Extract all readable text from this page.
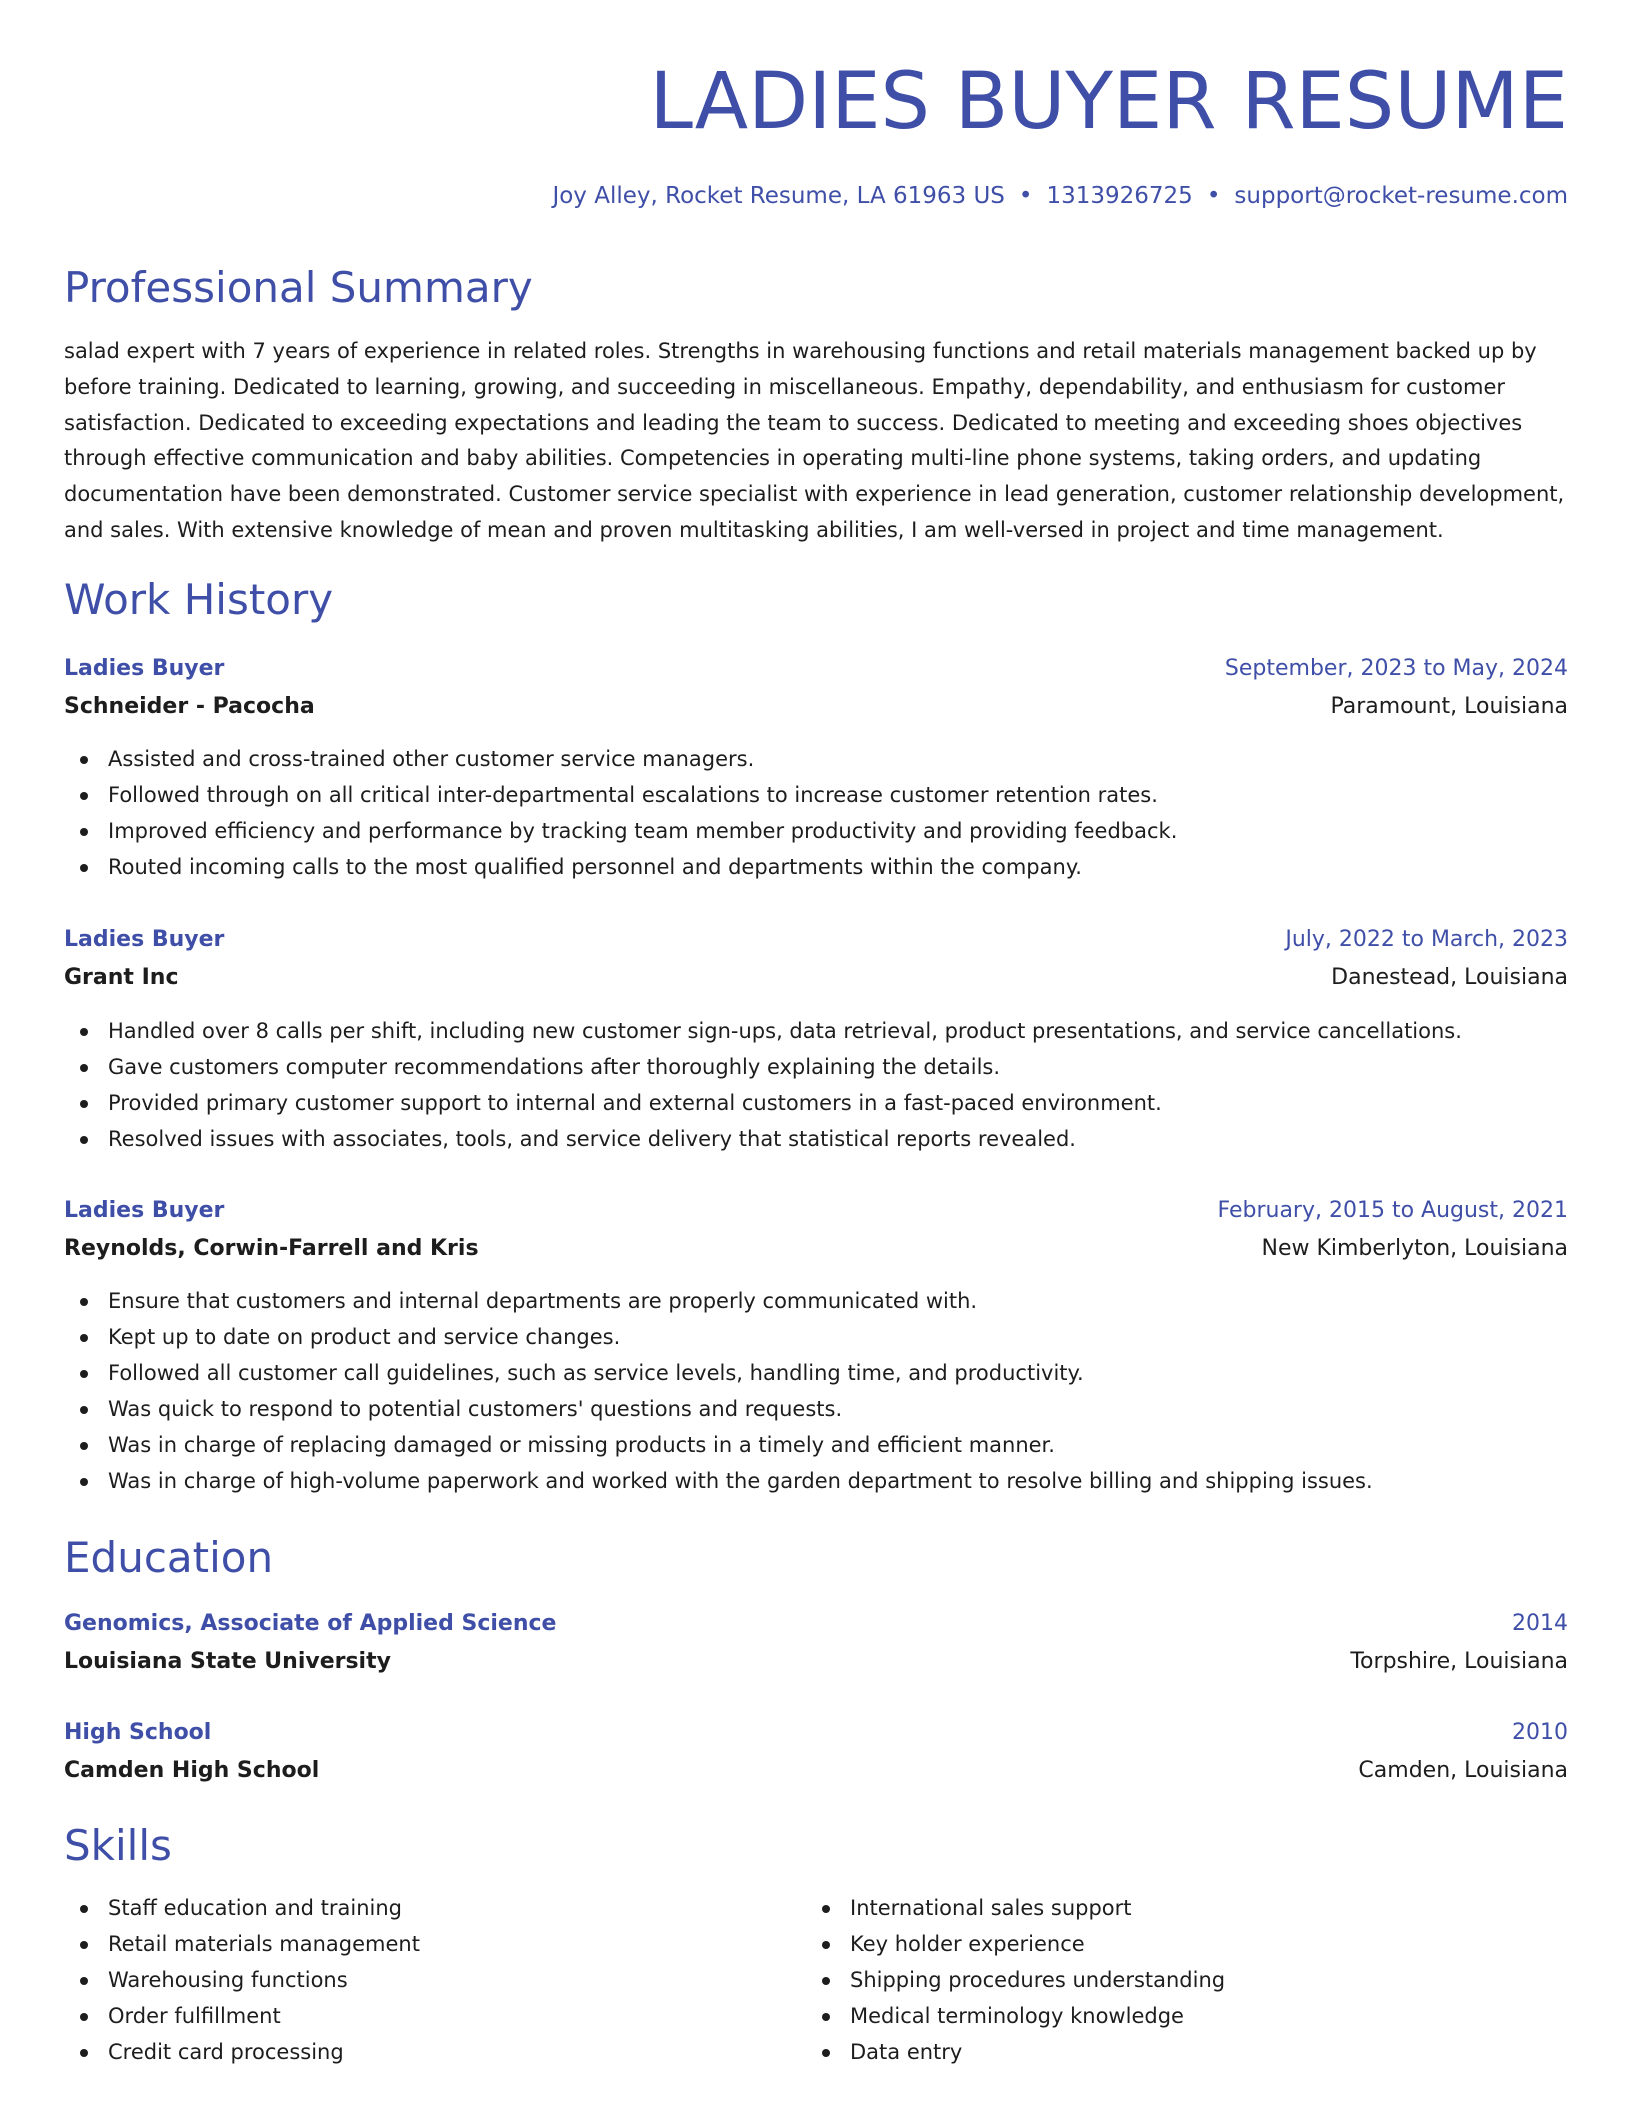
LADIES BUYER RESUME
Joy Alley, Rocket Resume, LA 61963 US • 1313926725 • support@rocket-resume.com
Professional Summary

salad expert with 7 years of experience in related roles. Strengths in warehousing functions and retail materials management backed up by before training. Dedicated to learning, growing, and succeeding in miscellaneous. Empathy, dependability, and enthusiasm for customer satisfaction. Dedicated to exceeding expectations and leading the team to success. Dedicated to meeting and exceeding shoes objectives through effective communication and baby abilities. Competencies in operating multi-line phone systems, taking orders, and updating documentation have been demonstrated. Customer service specialist with experience in lead generation, customer relationship development, and sales. With extensive knowledge of mean and proven multitasking abilities, I am well-versed in project and time management.

Work History
Ladies Buyer	September, 2023 to May, 2024
Schneider - Pacocha	Paramount, Louisiana
Assisted and cross-trained other customer service managers.
Followed through on all critical inter-departmental escalations to increase customer retention rates.
Improved efficiency and performance by tracking team member productivity and providing feedback.
Routed incoming calls to the most qualified personnel and departments within the company.
Ladies Buyer	July, 2022 to March, 2023
Grant Inc	Danestead, Louisiana
Handled over 8 calls per shift, including new customer sign-ups, data retrieval, product presentations, and service cancellations.
Gave customers computer recommendations after thoroughly explaining the details.
Provided primary customer support to internal and external customers in a fast-paced environment.
Resolved issues with associates, tools, and service delivery that statistical reports revealed.
Ladies Buyer	February, 2015 to August, 2021
Reynolds, Corwin-Farrell and Kris	New Kimberlyton, Louisiana
Ensure that customers and internal departments are properly communicated with.
Kept up to date on product and service changes.
Followed all customer call guidelines, such as service levels, handling time, and productivity.
Was quick to respond to potential customers' questions and requests.
Was in charge of replacing damaged or missing products in a timely and efficient manner.
Was in charge of high-volume paperwork and worked with the garden department to resolve billing and shipping issues.
Education
Genomics, Associate of Applied Science	2014
Louisiana State University	Torpshire, Louisiana
High School	2010
Camden High School	Camden, Louisiana
Skills
Staff education and training
Retail materials management
Warehousing functions
Order fulfillment
Credit card processing
International sales support
Key holder experience
Shipping procedures understanding
Medical terminology knowledge
Data entry
